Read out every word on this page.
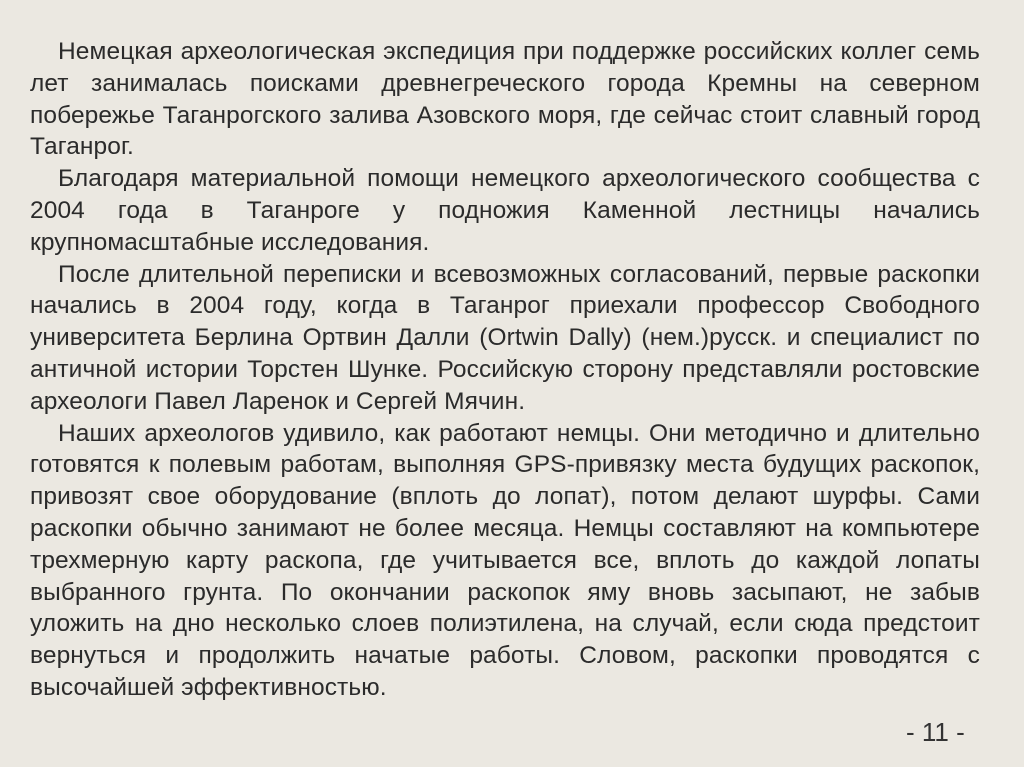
Немецкая археологическая экспедиция при поддержке российских коллег семь лет занималась поисками древнегреческого города Кремны на северном побережье Таганрогского залива Азовского моря, где сейчас стоит славный город Таганрог.

Благодаря материальной помощи немецкого археологического сообщества с 2004 года в Таганроге у подножия Каменной лестницы начались крупномасштабные исследования.

После длительной переписки и всевозможных согласований, первые раскопки начались в 2004 году, когда в Таганрог приехали профессор Свободного университета Берлина Ортвин Далли (Ortwin Dally) (нем.)русск. и специалист по античной истории Торстен Шунке. Российскую сторону представляли ростовские археологи Павел Ларенок и Сергей Мячин.

Наших археологов удивило, как работают немцы. Они методично и длительно готовятся к полевым работам, выполняя GPS-привязку места будущих раскопок, привозят свое оборудование (вплоть до лопат), потом делают шурфы. Сами раскопки обычно занимают не более месяца. Немцы составляют на компьютере трехмерную карту раскопа, где учитывается все, вплоть до каждой лопаты выбранного грунта. По окончании раскопок яму вновь засыпают, не забыв уложить на дно несколько слоев полиэтилена, на случай, если сюда предстоит вернуться и продолжить начатые работы. Словом, раскопки проводятся с высочайшей эффективностью.

- 11 -
